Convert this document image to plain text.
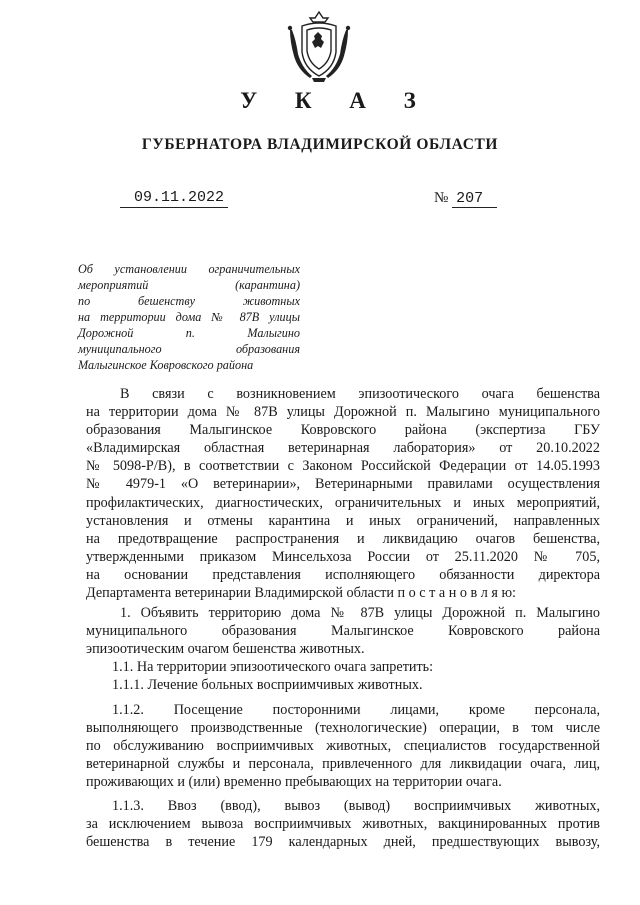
У К А З
ГУБЕРНАТОРА ВЛАДИМИРСКОЙ ОБЛАСТИ
09.11.2022	№ 207
Об установлении ограничительных
мероприятий (карантина)
по бешенству животных
на территории дома № 87В улицы
Дорожной п. Малыгино
муниципального образования
Малыгинское Ковровского района
В связи с возникновением эпизоотического очага бешенства
на территории дома № 87В улицы Дорожной п. Малыгино муниципального
образования Малыгинское Ковровского района (экспертиза ГБУ
«Владимирская областная ветеринарная лаборатория» от 20.10.2022
№ 5098-Р/В), в соответствии с Законом Российской Федерации от 14.05.1993
№ 4979-1 «О ветеринарии», Ветеринарными правилами осуществления
профилактических, диагностических, ограничительных и иных мероприятий,
установления и отмены карантина и иных ограничений, направленных
на предотвращение распространения и ликвидацию очагов бешенства,
утвержденными приказом Минсельхоза России от 25.11.2020 № 705,
на основании представления исполняющего обязанности директора
Департамента ветеринарии Владимирской области п о с т а н о в л я ю:
1. Объявить территорию дома № 87В улицы Дорожной п. Малыгино
муниципального образования Малыгинское Ковровского района
эпизоотическим очагом бешенства животных.
1.1. На территории эпизоотического очага запретить:
1.1.1. Лечение больных восприимчивых животных.
1.1.2. Посещение посторонними лицами, кроме персонала,
выполняющего производственные (технологические) операции, в том числе
по обслуживанию восприимчивых животных, специалистов государственной
ветеринарной службы и персонала, привлеченного для ликвидации очага, лиц,
проживающих и (или) временно пребывающих на территории очага.
1.1.3. Ввоз (ввод), вывоз (вывод) восприимчивых животных,
за исключением вывоза восприимчивых животных, вакцинированных против
бешенства в течение 179 календарных дней, предшествующих вывозу,
